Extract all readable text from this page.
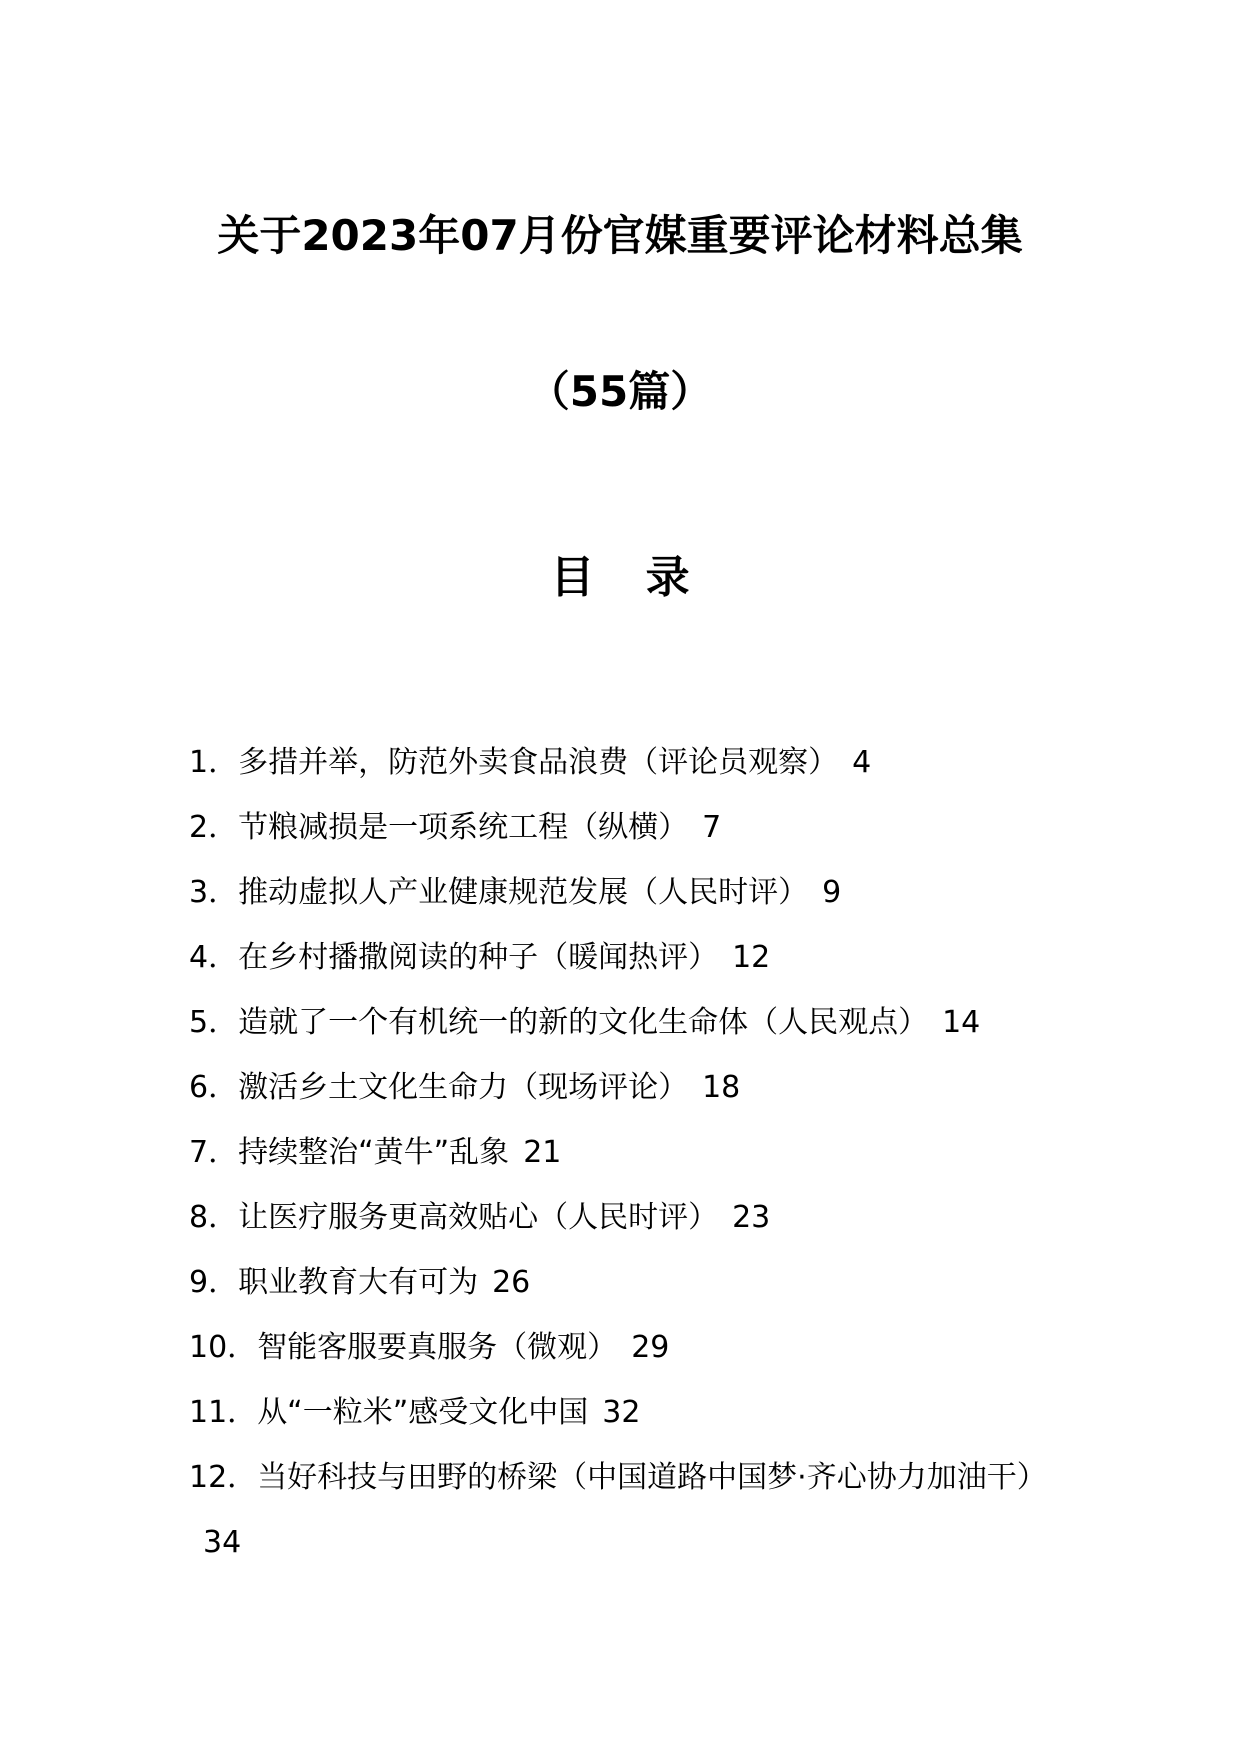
关于2023年07月份官媒重要评论材料总集
（55篇）
目 录
1．多措并举，防范外卖食品浪费（评论员观察） 4
2．节粮减损是一项系统工程（纵横） 7
3．推动虚拟人产业健康规范发展（人民时评） 9
4．在乡村播撒阅读的种子（暖闻热评） 12
5．造就了一个有机统一的新的文化生命体（人民观点） 14
6．激活乡土文化生命力（现场评论） 18
7．持续整治“黄牛”乱象 21
8．让医疗服务更高效贴心（人民时评） 23
9．职业教育大有可为 26
10．智能客服要真服务（微观） 29
11．从“一粒米”感受文化中国 32
12．当好科技与田野的桥梁（中国道路中国梦·齐心协力加油干）34
